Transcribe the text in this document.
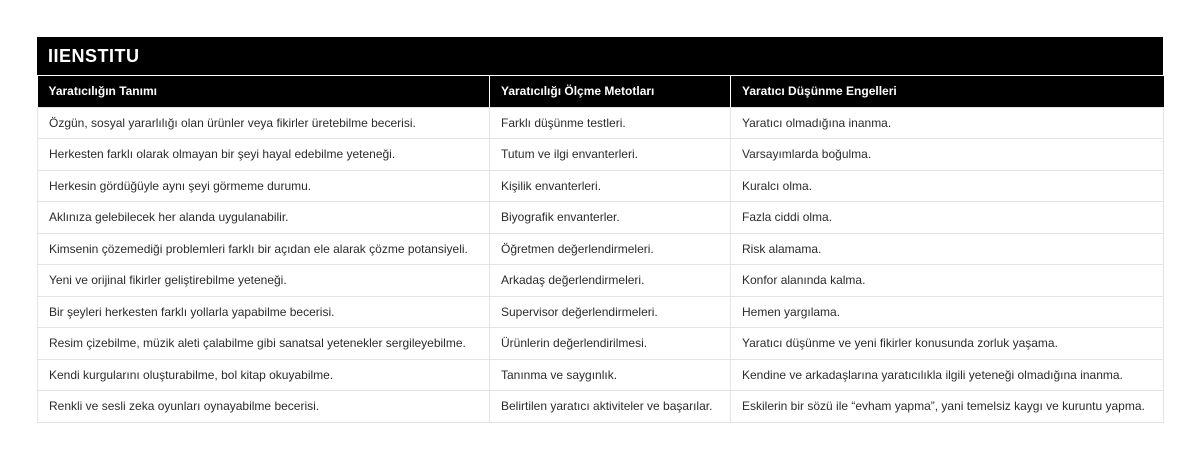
IIENSTITU
Yaratıcılığın Tanımı	Yaratıcılığı Ölçme Metotları	Yaratıcı Düşünme Engelleri
Özgün, sosyal yararlılığı olan ürünler veya fikirler üretebilme becerisi.	Farklı düşünme testleri.	Yaratıcı olmadığına inanma.
Herkesten farklı olarak olmayan bir şeyi hayal edebilme yeteneği.	Tutum ve ilgi envanterleri.	Varsayımlarda boğulma.
Herkesin gördüğüyle aynı şeyi görmeme durumu.	Kişilik envanterleri.	Kuralcı olma.
Aklınıza gelebilecek her alanda uygulanabilir.	Biyografik envanterler.	Fazla ciddi olma.
Kimsenin çözemediği problemleri farklı bir açıdan ele alarak çözme potansiyeli.	Öğretmen değerlendirmeleri.	Risk alamama.
Yeni ve orijinal fikirler geliştirebilme yeteneği.	Arkadaş değerlendirmeleri.	Konfor alanında kalma.
Bir şeyleri herkesten farklı yollarla yapabilme becerisi.	Supervisor değerlendirmeleri.	Hemen yargılama.
Resim çizebilme, müzik aleti çalabilme gibi sanatsal yetenekler sergileyebilme.	Ürünlerin değerlendirilmesi.	Yaratıcı düşünme ve yeni fikirler konusunda zorluk yaşama.
Kendi kurgularını oluşturabilme, bol kitap okuyabilme.	Tanınma ve saygınlık.	Kendine ve arkadaşlarına yaratıcılıkla ilgili yeteneği olmadığına inanma.
Renkli ve sesli zeka oyunları oynayabilme becerisi.	Belirtilen yaratıcı aktiviteler ve başarılar.	Eskilerin bir sözü ile “evham yapma”, yani temelsiz kaygı ve kuruntu yapma.
